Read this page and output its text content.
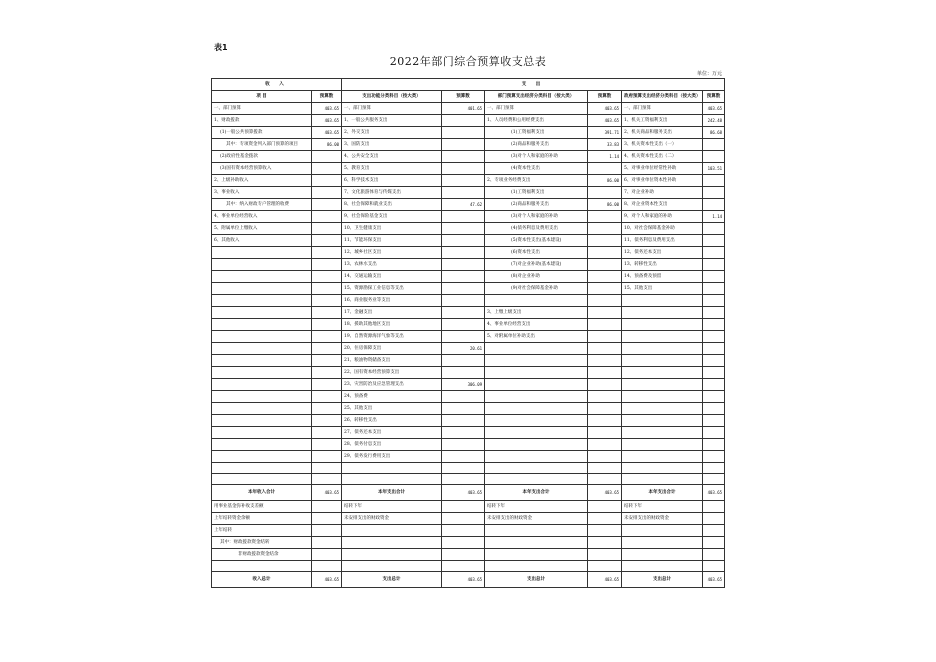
表1
2022年部门综合预算收支总表
单位：万元
收 入		支 出					
项 目	预算数	支出功能分类科目（按大类）	预算数	部门预算支出经济分类科目（按大类）	预算数	政府预算支出经济分类科目（按大类）	预算数
一、部门预算	403.65	一、部门预算	401.65	一、部门预算	403.65	一、部门预算	403.65
1、财政拨款	403.65	1、一般公共服务支出		1、人员经费和公用经费支出	403.65	1、机关工资福利支出	242.48
(1)一般公共预算拨款	403.65	2、外交支出		(1)工资福利支出	391.71	2、机关商品和服务支出	86.68
其中：专项资金列入部门预算的项目	86.00	3、国防支出		(2)商品和服务支出	33.83	3、机关资本性支出（一）	
(2)政府性基金拨款		4、公共安全支出		(3)对个人和家庭的补助	1.14	4、机关资本性支出（二）	
(3)国有资本经营预算收入		5、教育支出		(4)资本性支出		5、对事业单位经常性补助	103.51
2、上级补助收入		6、科学技术支出		2、专项业务经费支出	86.00	6、对事业单位资本性补助	
3、事业收入		7、文化旅游体育与传媒支出		(1)工资福利支出		7、对企业补助	
其中：纳入财政专户管理的收费		8、社会保障和就业支出	47.62	(2)商品和服务支出	86.00	8、对企业资本性支出	
4、事业单位经营收入		9、社会保险基金支出		(3)对个人和家庭的补助		9、对个人和家庭的补助	1.14
5、附属单位上缴收入		10、卫生健康支出		(4)债务利息及费用支出		10、对社会保障基金补助	
6、其他收入		11、节能环保支出		(5)资本性支出(基本建设)		11、债务利息及费用支出	
		12、城乡社区支出		(6)资本性支出		12、债务还本支出	
		13、农林水支出		(7)对企业补助(基本建设)		13、转移性支出	
		14、交通运输支出		(8)对企业补助		14、预备费及预留	
		15、资源勘探工业信息等支出		(9)对社会保障基金补助		15、其他支出	
		16、商业服务业等支出					
		17、金融支出		3、上缴上级支出			
		18、援助其他地区支出		4、事业单位经营支出			
		19、自然资源海洋气象等支出		5、对附属单位补助支出			
		20、住房保障支出	20.61				
		21、粮油物资储备支出					
		22、国有资本经营预算支出					
		23、灾害防治及应急管理支出	306.09				
		24、预备费					
		25、其他支出					
		26、转移性支出					
		27、债务还本支出					
		28、债务付息支出					
		29、债务发行费用支出					

本年收入合计	403.65	本年支出合计	403.65	本年支出合计	403.65	本年支出合计	403.65
用事业基金弥补收支差额		结转下年		结转下年		结转下年	
上年结转资金余额		未安排支出的财政资金		未安排支出的财政资金		未安排支出的财政资金	
上年结转							
其中：财政拨款资金结转							
非财政拨款资金结余							

收入总计	403.65	支出总计	403.65	支出总计	403.65	支出总计	403.65
